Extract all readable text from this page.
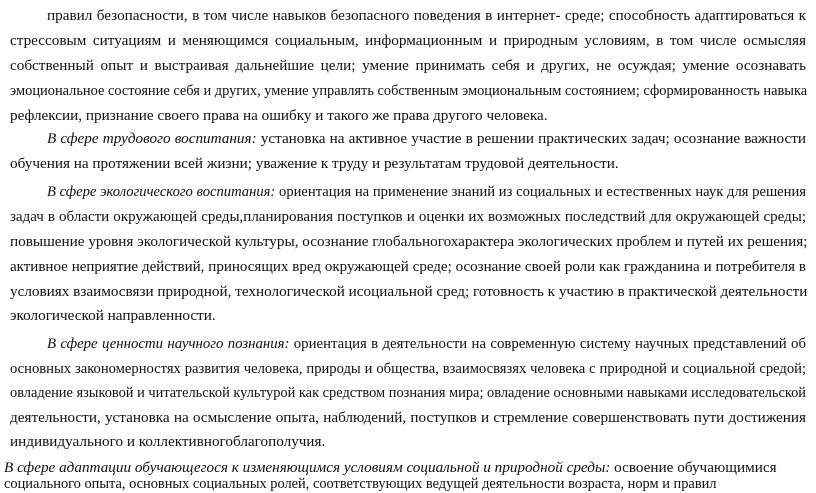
правил безопасности, в том числе навыков безопасного поведения в интернет- среде; способность адаптироваться к
стрессовым ситуациям и меняющимся социальным, информационным и природным условиям, в том числе осмысляя
собственный опыт и выстраивая дальнейшие цели; умение принимать себя и других, не осуждая; умение осознавать
эмоциональное состояние себя и других, умение управлять собственным эмоциональным состоянием; сформированность навыка
рефлексии, признание своего права на ошибку и такого же права другого человека.
В сфере трудового воспитания: установка на активное участие в решении практических задач; осознание важности
обучения на протяжении всей жизни; уважение к труду и результатам трудовой деятельности.
В сфере экологического воспитания: ориентация на применение знаний из социальных и естественных наук для решения
задач в области окружающей среды,планирования поступков и оценки их возможных последствий для окружающей среды;
повышение уровня экологической культуры, осознание глобальногохарактера экологических проблем и путей их решения;
активное неприятие действий, приносящих вред окружающей среде; осознание своей роли как гражданина и потребителя в
условиях взаимосвязи природной, технологической исоциальной сред; готовность к участию в практической деятельности
экологической направленности.
В сфере ценности научного познания: ориентация в деятельности на современную систему научных представлений об
основных закономерностях развития человека, природы и общества, взаимосвязях человека с природной и социальной средой;
овладение языковой и читательской культурой как средством познания мира; овладение основными навыками исследовательской
деятельности, установка на осмысление опыта, наблюдений, поступков и стремление совершенствовать пути достижения
индивидуального и коллективногоблагополучия.
В сфере адаптации обучающегося к изменяющимся условиям социальной и природной среды: освоение обучающимися
социального опыта, основных социальных ролей, соответствующих ведущей деятельности возраста, норм и правил
